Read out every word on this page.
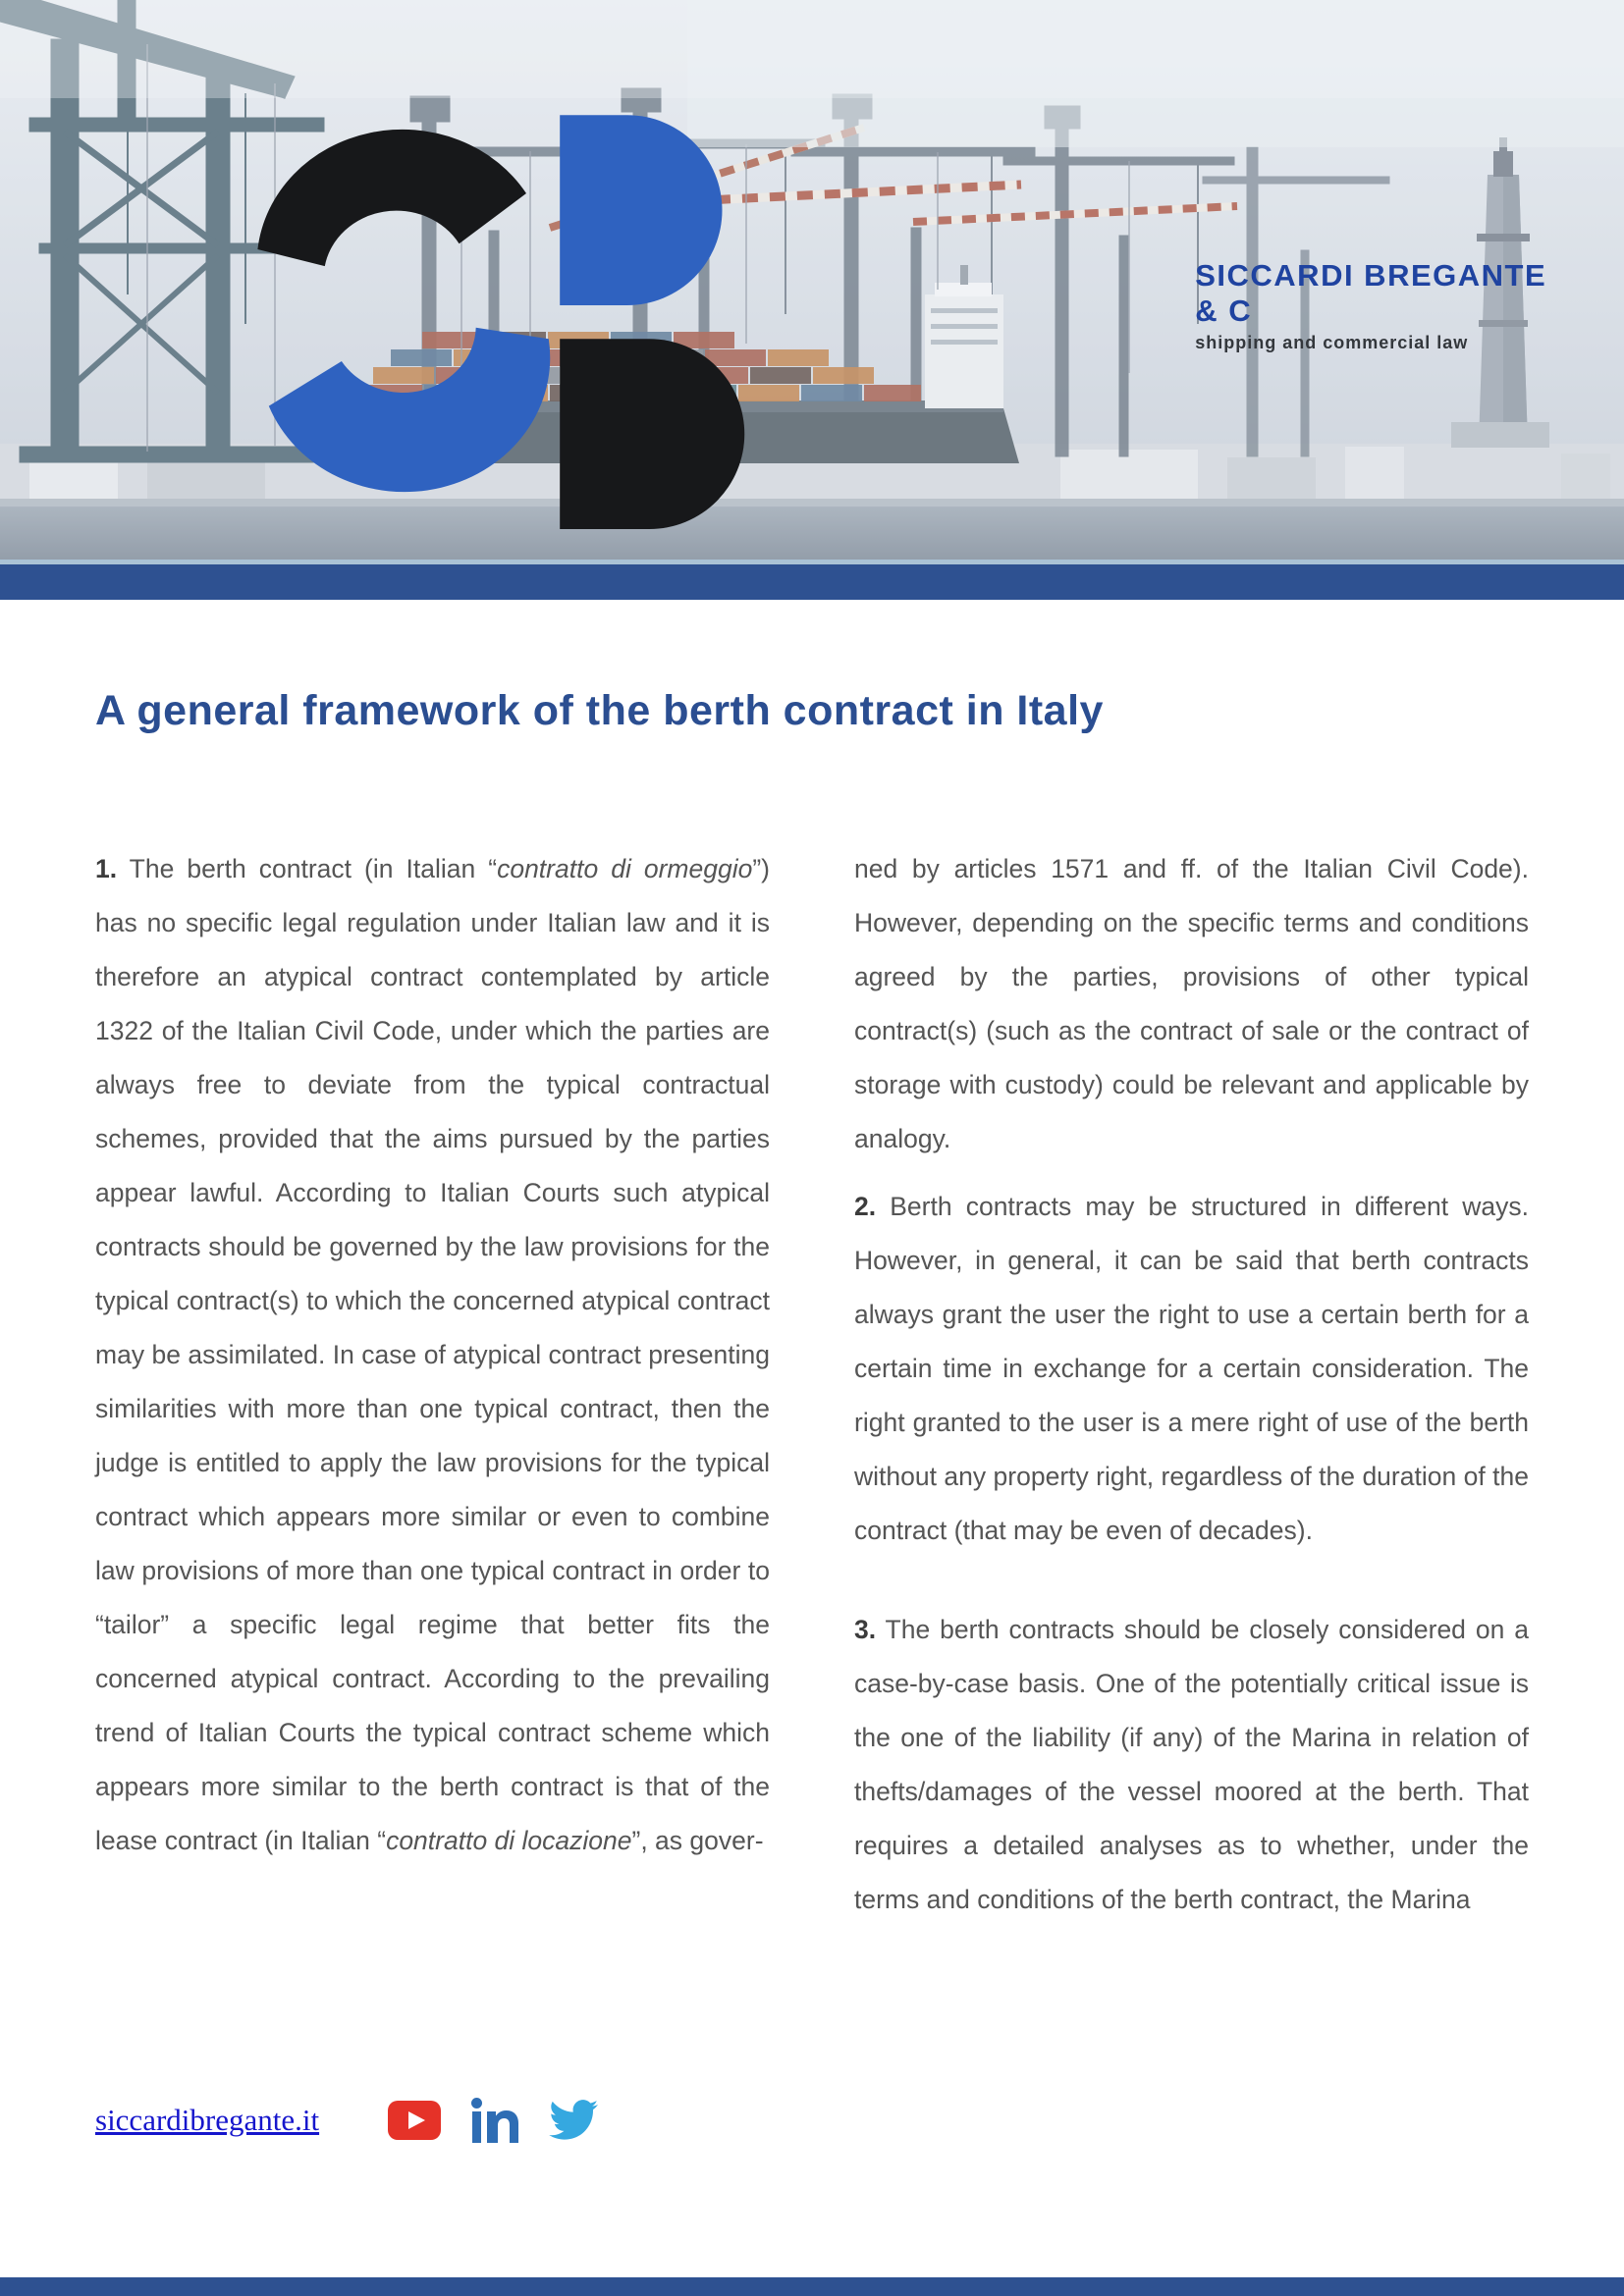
SICCARDI BREGANTE & C
shipping and commercial law
A general framework of the berth contract in Italy

1. The berth contract (in Italian “contratto di ormeggio”) has no specific legal regulation under Italian law and it is therefore an atypical contract contemplated by article 1322 of the Italian Civil Code, under which the parties are always free to deviate from the typical contractual schemes, provided that the aims pursued by the parties appear lawful. According to Italian Courts such atypical contracts should be governed by the law provisions for the typical contract(s) to which the concerned atypical contract may be assimilated. In case of atypical contract presenting similarities with more than one typical contract, then the judge is entitled to apply the law provisions for the typical contract which appears more similar or even to combine law provisions of more than one typical contract in order to “tailor” a specific legal regime that better fits the concerned atypical contract. According to the prevailing trend of Italian Courts the typical contract scheme which appears more similar to the berth contract is that of the lease contract (in Italian “contratto di locazione”, as gover-

ned by articles 1571 and ff. of the Italian Civil Code). However, depending on the specific terms and conditions agreed by the parties, provisions of other typical contract(s) (such as the contract of sale or the contract of storage with custody) could be relevant and applicable by analogy.

2. Berth contracts may be structured in different ways. However, in general, it can be said that berth contracts always grant the user the right to use a certain berth for a certain time in exchange for a certain consideration. The right granted to the user is a mere right of use of the berth without any property right, regardless of the duration of the contract (that may be even of decades).

3. The berth contracts should be closely considered on a case-by-case basis. One of the potentially critical issue is the one of the liability (if any) of the Marina in relation of thefts/damages of the vessel moored at the berth. That requires a detailed analyses as to whether, under the terms and conditions of the berth contract, the Marina

siccardibregante.it
